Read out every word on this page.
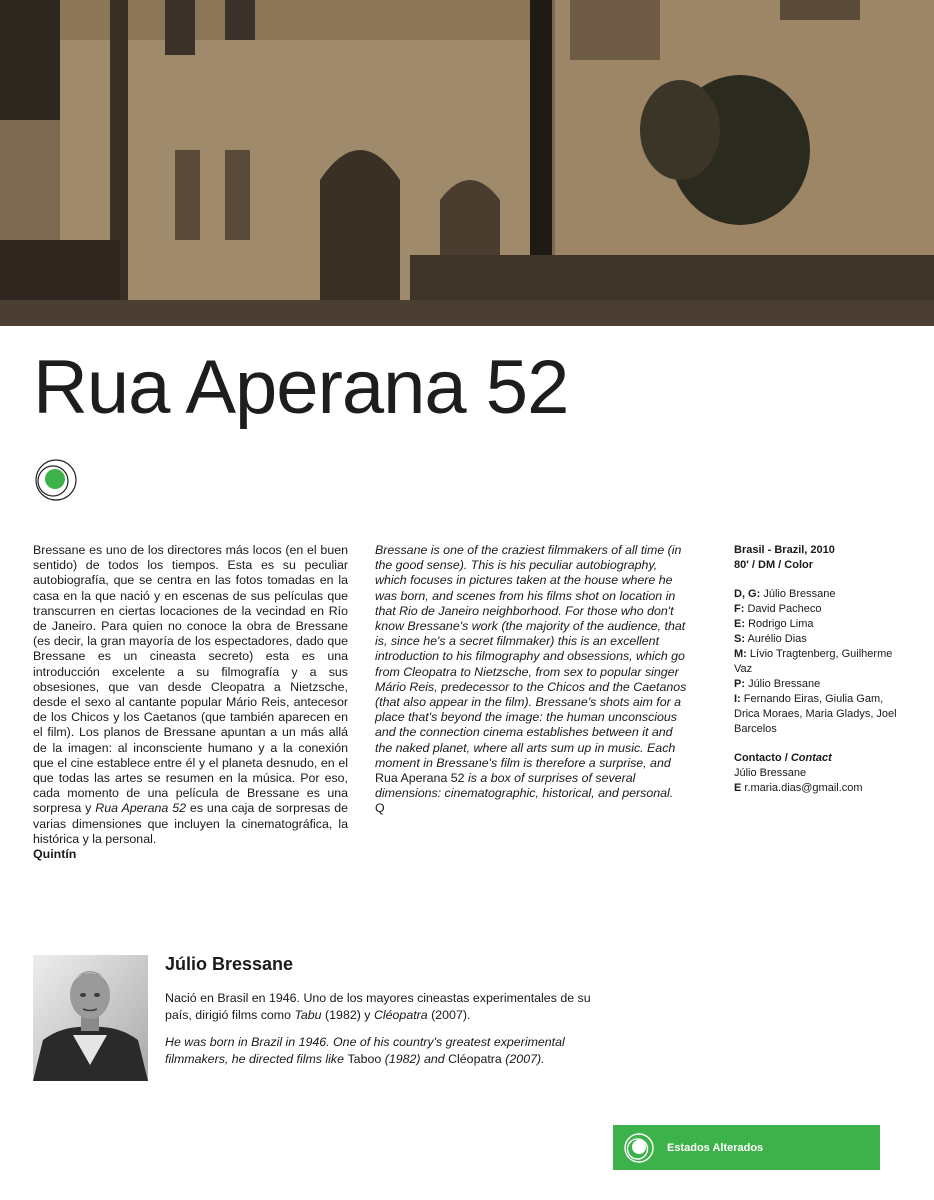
Rua Aperana 52

Bressane es uno de los directores más locos (en el buen sentido) de todos los tiempos. Esta es su peculiar autobiografía, que se centra en las fotos tomadas en la casa en la que nació y en escenas de sus películas que transcurren en ciertas locaciones de la vecindad en Río de Janeiro. Para quien no conoce la obra de Bressane (es decir, la gran mayoría de los espectadores, dado que Bressane es un cineasta secreto) esta es una introducción excelente a su filmografía y a sus obsesiones, que van desde Cleopatra a Nietzsche, desde el sexo al cantante popular Mário Reis, antecesor de los Chicos y los Caetanos (que también aparecen en el film). Los planos de Bressane apuntan a un más allá de la imagen: al inconsciente humano y a la conexión que el cine establece entre él y el planeta desnudo, en el que todas las artes se resumen en la música. Por eso, cada momento de una película de Bressane es una sorpresa y Rua Aperana 52 es una caja de sorpresas de varias dimensiones que incluyen la cinematográfica, la histórica y la personal.

Quintín

Bressane is one of the craziest filmmakers of all time (in the good sense). This is his peculiar autobiography, which focuses in pictures taken at the house where he was born, and scenes from his films shot on location in that Rio de Janeiro neighborhood. For those who don't know Bressane's work (the majority of the audience, that is, since he's a secret filmmaker) this is an excellent introduction to his filmography and obsessions, which go from Cleopatra to Nietzsche, from sex to popular singer Mário Reis, predecessor to the Chicos and the Caetanos (that also appear in the film). Bressane's shots aim for a place that's beyond the image: the human unconscious and the connection cinema establishes between it and the naked planet, where all arts sum up in music. Each moment in Bressane's film is therefore a surprise, and Rua Aperana 52 is a box of surprises of several dimensions: cinematographic, historical, and personal.

Q

Brasil - Brazil, 2010
80' / DM / Color
D, G: Júlio Bressane
F: David Pacheco
E: Rodrigo Lima
S: Aurélio Dias
M: Lívio Tragtenberg, Guilherme Vaz
P: Júlio Bressane
I: Fernando Eiras, Giulia Gam, Drica Moraes, Maria Gladys, Joel Barcelos
Contacto / Contact
Júlio Bressane
E r.maria.dias@gmail.com
Júlio Bressane

Nació en Brasil en 1946. Uno de los mayores cineastas experimentales de su país, dirigió films como Tabu (1982) y Cléopatra (2007).

He was born in Brazil in 1946. One of his country's greatest experimental filmmakers, he directed films like Taboo (1982) and Cléopatra (2007).

Estados Alterados
